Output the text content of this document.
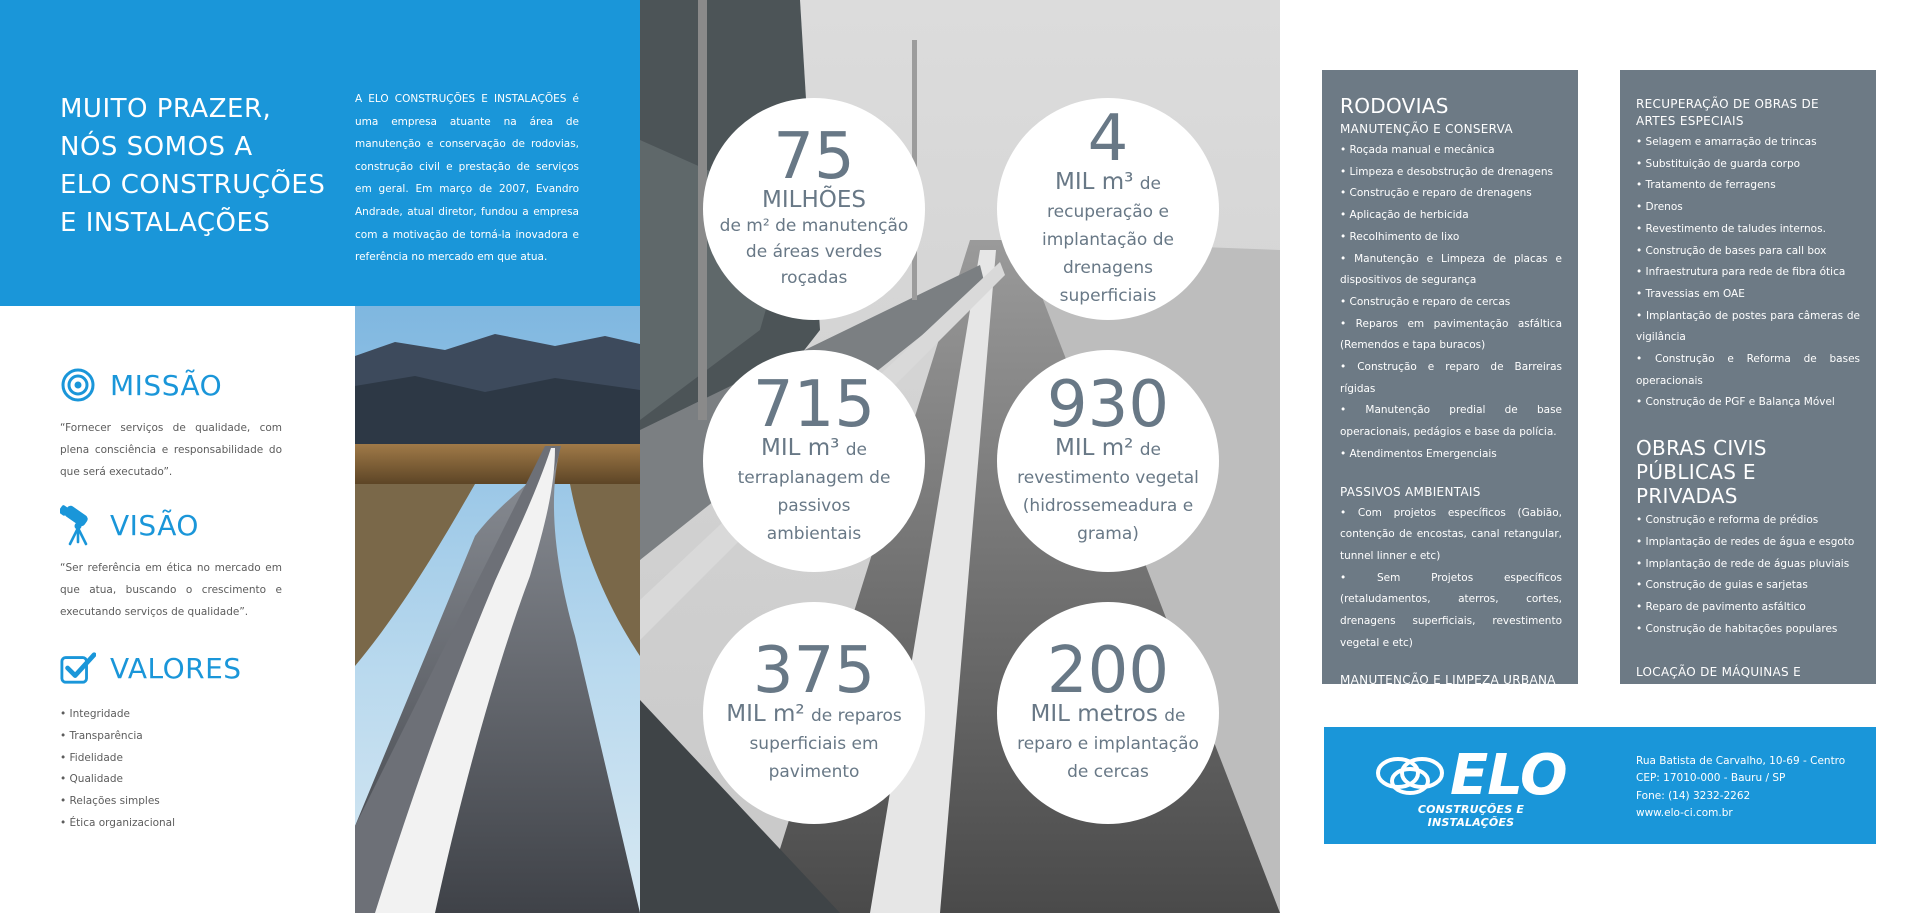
MUITO PRAZER,
NÓS SOMOS A
ELO CONSTRUÇÕES
E INSTALAÇÕES

A ELO CONSTRUÇÕES E INSTALAÇÕES é uma empresa atuante na área de manutenção e conservação de rodovias, construção civil e prestação de serviços em geral. Em março de 2007, Evandro Andrade, atual diretor, fundou a empresa com a motivação de torná-la inovadora e referência no mercado em que atua.

MISSÃO

“Fornecer serviços de qualidade, com plena consciência e responsabilidade do que será executado”.

VISÃO

“Ser referência em ética no mercado em que atua, buscando o crescimento e executando serviços de qualidade”.

VALORES
• Integridade
• Transparência
• Fidelidade
• Qualidade
• Relações simples
• Ética organizacional
75
MILHÕES
de m² de manutenção de áreas verdes roçadas
4
MIL m³ de recuperação e implantação de drenagens superficiais
715
MIL m³ de terraplanagem de passivos ambientais
930
MIL m² de revestimento vegetal (hidrossemeadura e grama)
375
MIL m² de reparos superficiais em pavimento
200
MIL metros de reparo e implantação de cercas
RODOVIAS
MANUTENÇÃO E CONSERVA
• Roçada manual e mecânica
• Limpeza e desobstrução de drenagens
• Construção e reparo de drenagens
• Aplicação de herbicida
• Recolhimento de lixo
• Manutenção e Limpeza de placas e dispositivos de segurança
• Construção e reparo de cercas
• Reparos em pavimentação asfáltica (Remendos e tapa buracos)
• Construção e reparo de Barreiras rígidas
• Manutenção predial de base operacionais, pedágios e base da polícia.
• Atendimentos Emergenciais
PASSIVOS AMBIENTAIS
• Com projetos específicos (Gabião, contenção de encostas, canal retangular, tunnel linner e etc)
• Sem Projetos específicos (retaludamentos, aterros, cortes, drenagens superficiais, revestimento vegetal e etc)
MANUTENÇÃO E LIMPEZA URBANA
RECUPERAÇÃO DE OBRAS DE ARTES ESPECIAIS
• Selagem e amarração de trincas
• Substituição de guarda corpo
• Tratamento de ferragens
• Drenos
• Revestimento de taludes internos.
• Construção de bases para call box
• Infraestrutura para rede de fibra ótica
• Travessias em OAE
• Implantação de postes para câmeras de vigilância
• Construção e Reforma de bases operacionais
• Construção de PGF e Balança Móvel
OBRAS CIVIS
PÚBLICAS E PRIVADAS
• Construção e reforma de prédios
• Implantação de redes de água e esgoto
• Implantação de rede de águas pluviais
• Construção de guias e sarjetas
• Reparo de pavimento asfáltico
• Construção de habitações populares
LOCAÇÃO DE MÁQUINAS E
EQUIPAMENTOS
ELO
CONSTRUÇÕES E INSTALAÇÕES
Rua Batista de Carvalho, 10-69 - Centro
CEP: 17010-000 - Bauru / SP
Fone: (14) 3232-2262
www.elo-ci.com.br
